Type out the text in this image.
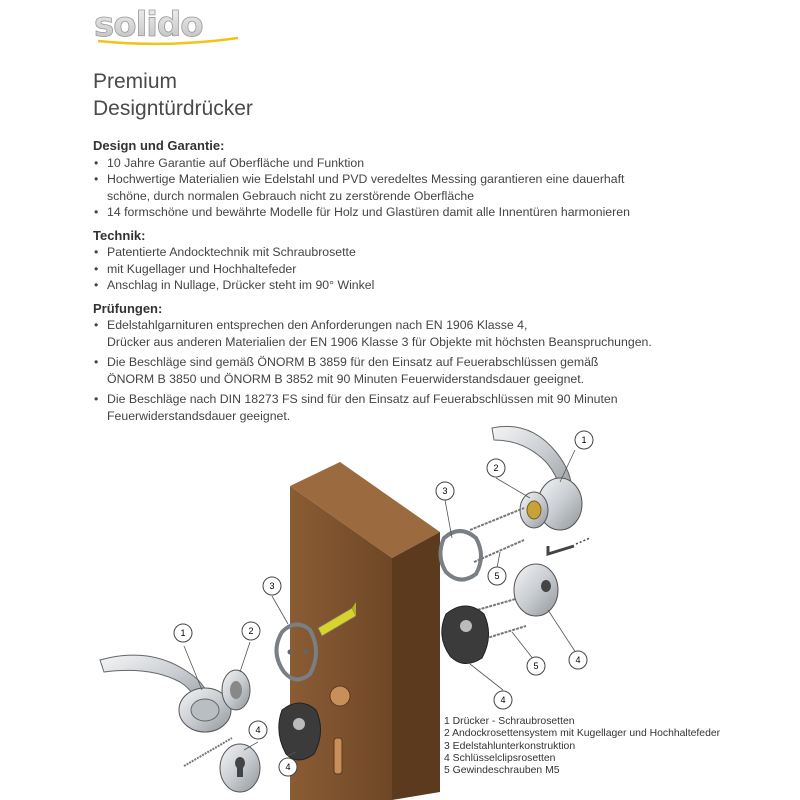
solido
Premium
Designtürdrücker
Design und Garantie:
• 10 Jahre Garantie auf Oberfläche und Funktion
• Hochwertige Materialien wie Edelstahl und PVD veredeltes Messing garantieren eine dauerhaft
schöne, durch normalen Gebrauch nicht zu zerstörende Oberfläche
• 14 formschöne und bewährte Modelle für Holz und Glastüren damit alle Innentüren harmonieren
Technik:
• Patentierte Andocktechnik mit Schraubrosette
• mit Kugellager und Hochhaltefeder
• Anschlag in Nullage, Drücker steht im 90° Winkel
Prüfungen:
• Edelstahlgarnituren entsprechen den Anforderungen nach EN 1906 Klasse 4,
Drücker aus anderen Materialien der EN 1906 Klasse 3 für Objekte mit höchsten Beanspruchungen.
• Die Beschläge sind gemäß ÖNORM B 3859 für den Einsatz auf Feuerabschlüssen gemäß
ÖNORM B 3850 und ÖNORM B 3852 mit 90 Minuten Feuerwiderstandsdauer geeignet.
• Die Beschläge nach DIN 18273 FS sind für den Einsatz auf Feuerabschlüssen mit 90 Minuten
Feuerwiderstandsdauer geeignet.
1
2
3
5
4
5
4
1	2
3
4
4
1 Drücker - Schraubrosetten
2 Andockrosettensystem mit Kugellager und Hochhaltefeder
3 Edelstahlunterkonstruktion
4 Schlüsselclipsrosetten
5 Gewindeschrauben M5
